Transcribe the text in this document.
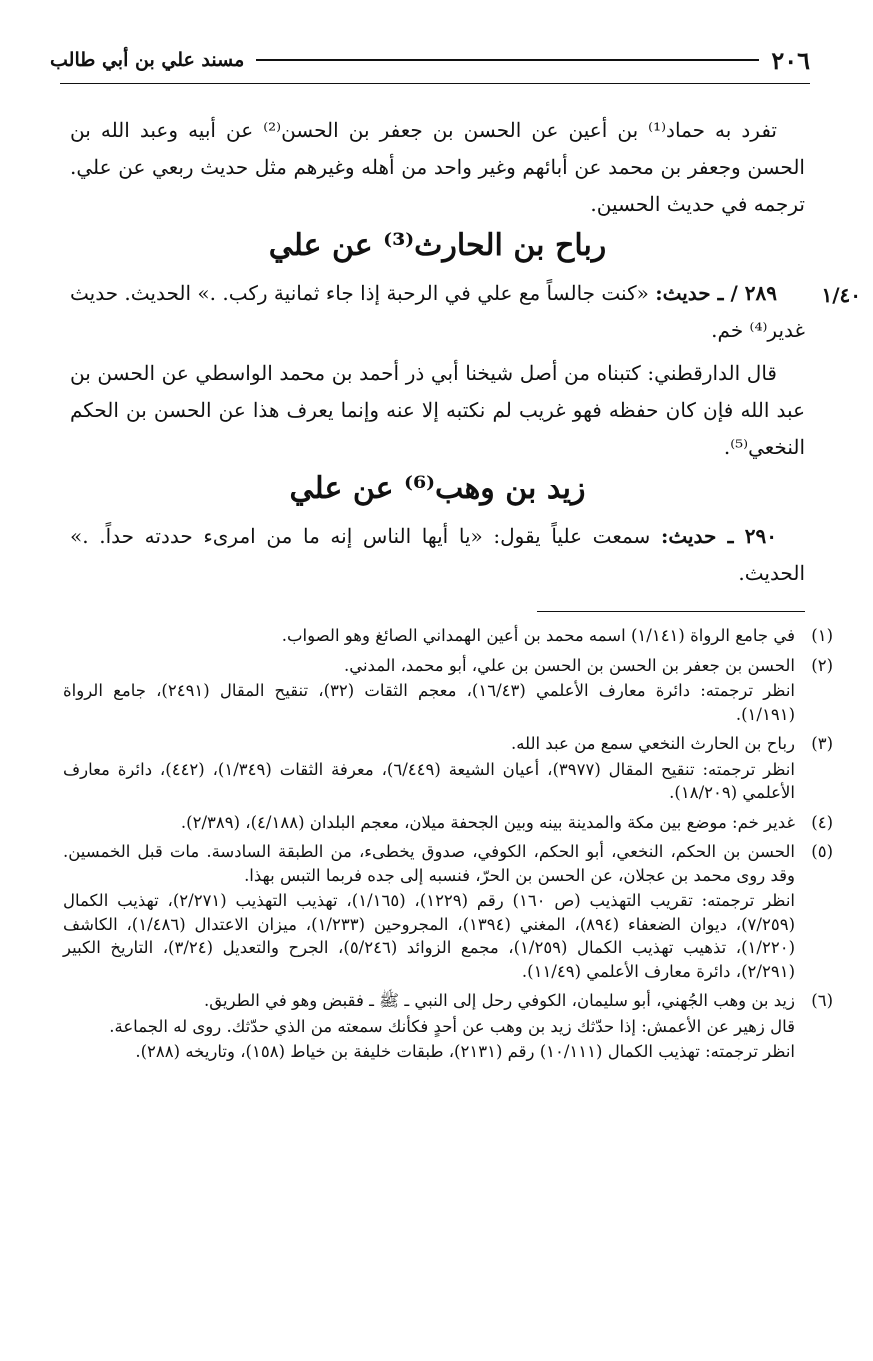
٢٠٦
مسند علي بن أبي طالب
١/٤٠

تفرد به حماد⁽¹⁾ بن أعين عن الحسن بن جعفر بن الحسن⁽²⁾ عن أبيه وعبد الله بن الحسن وجعفر بن محمد عن أبائهم وغير واحد من أهله وغيرهم مثل حديث ربعي عن علي. ترجمه في حديث الحسين.

رباح بن الحارث⁽³⁾ عن علي

٢٨٩ / ـ حديث: «كنت جالساً مع علي في الرحبة إذا جاء ثمانية ركب. .» الحديث. حديث غدير⁽⁴⁾ خم.

قال الدارقطني: كتبناه من أصل شيخنا أبي ذر أحمد بن محمد الواسطي عن الحسن بن عبد الله فإن كان حفظه فهو غريب لم نكتبه إلا عنه وإنما يعرف هذا عن الحسن بن الحكم النخعي⁽⁵⁾.

زيد بن وهب⁽⁶⁾ عن علي

٢٩٠ ـ حديث: سمعت علياً يقول: «يا أيها الناس إنه ما من امرىء حددته حداً. .» الحديث.

(١)
في جامع الرواة (١/١٤١) اسمه محمد بن أعين الهمداني الصائغ وهو الصواب.
(٢)
الحسن بن جعفر بن الحسن بن الحسن بن علي، أبو محمد، المدني.
انظر ترجمته: دائرة معارف الأعلمي (١٦/٤٣)، معجم الثقات (٣٢)، تنقيح المقال (٢٤٩١)، جامع الرواة (١/١٩١).
(٣)
رباح بن الحارث النخعي سمع من عبد الله.
انظر ترجمته: تنقيح المقال (٣٩٧٧)، أعيان الشيعة (٦/٤٤٩)، معرفة الثقات (١/٣٤٩)، (٤٤٢)، دائرة معارف الأعلمي (١٨/٢٠٩).
(٤)
غدير خم: موضع بين مكة والمدينة بينه وبين الجحفة ميلان، معجم البلدان (٤/١٨٨)، (٢/٣٨٩).
(٥)
الحسن بن الحكم، النخعي، أبو الحكم، الكوفي، صدوق يخطىء، من الطبقة السادسة. مات قبل الخمسين. وقد روى محمد بن عجلان، عن الحسن بن الحرّ، فنسبه إلى جده فربما التبس بهذا.
انظر ترجمته: تقريب التهذيب (ص ١٦٠) رقم (١٢٢٩)، (١/١٦٥)، تهذيب التهذيب (٢/٢٧١)، تهذيب الكمال (٧/٢٥٩)، ديوان الضعفاء (٨٩٤)، المغني (١٣٩٤)، المجروحين (١/٢٣٣)، ميزان الاعتدال (١/٤٨٦)، الكاشف (١/٢٢٠)، تذهيب تهذيب الكمال (١/٢٥٩)، مجمع الزوائد (٥/٢٤٦)، الجرح والتعديل (٣/٢٤)، التاريخ الكبير (٢/٢٩١)، دائرة معارف الأعلمي (١١/٤٩).
(٦)
زيد بن وهب الجُهني، أبو سليمان، الكوفي رحل إلى النبي ـ ﷺ ـ فقبض وهو في الطريق.
قال زهير عن الأعمش: إذا حدّثك زيد بن وهب عن أحدٍ فكأنك سمعته من الذي حدّثك. روى له الجماعة.
انظر ترجمته: تهذيب الكمال (١٠/١١١) رقم (٢١٣١)، طبقات خليفة بن خياط (١٥٨)، وتاريخه (٢٨٨).
